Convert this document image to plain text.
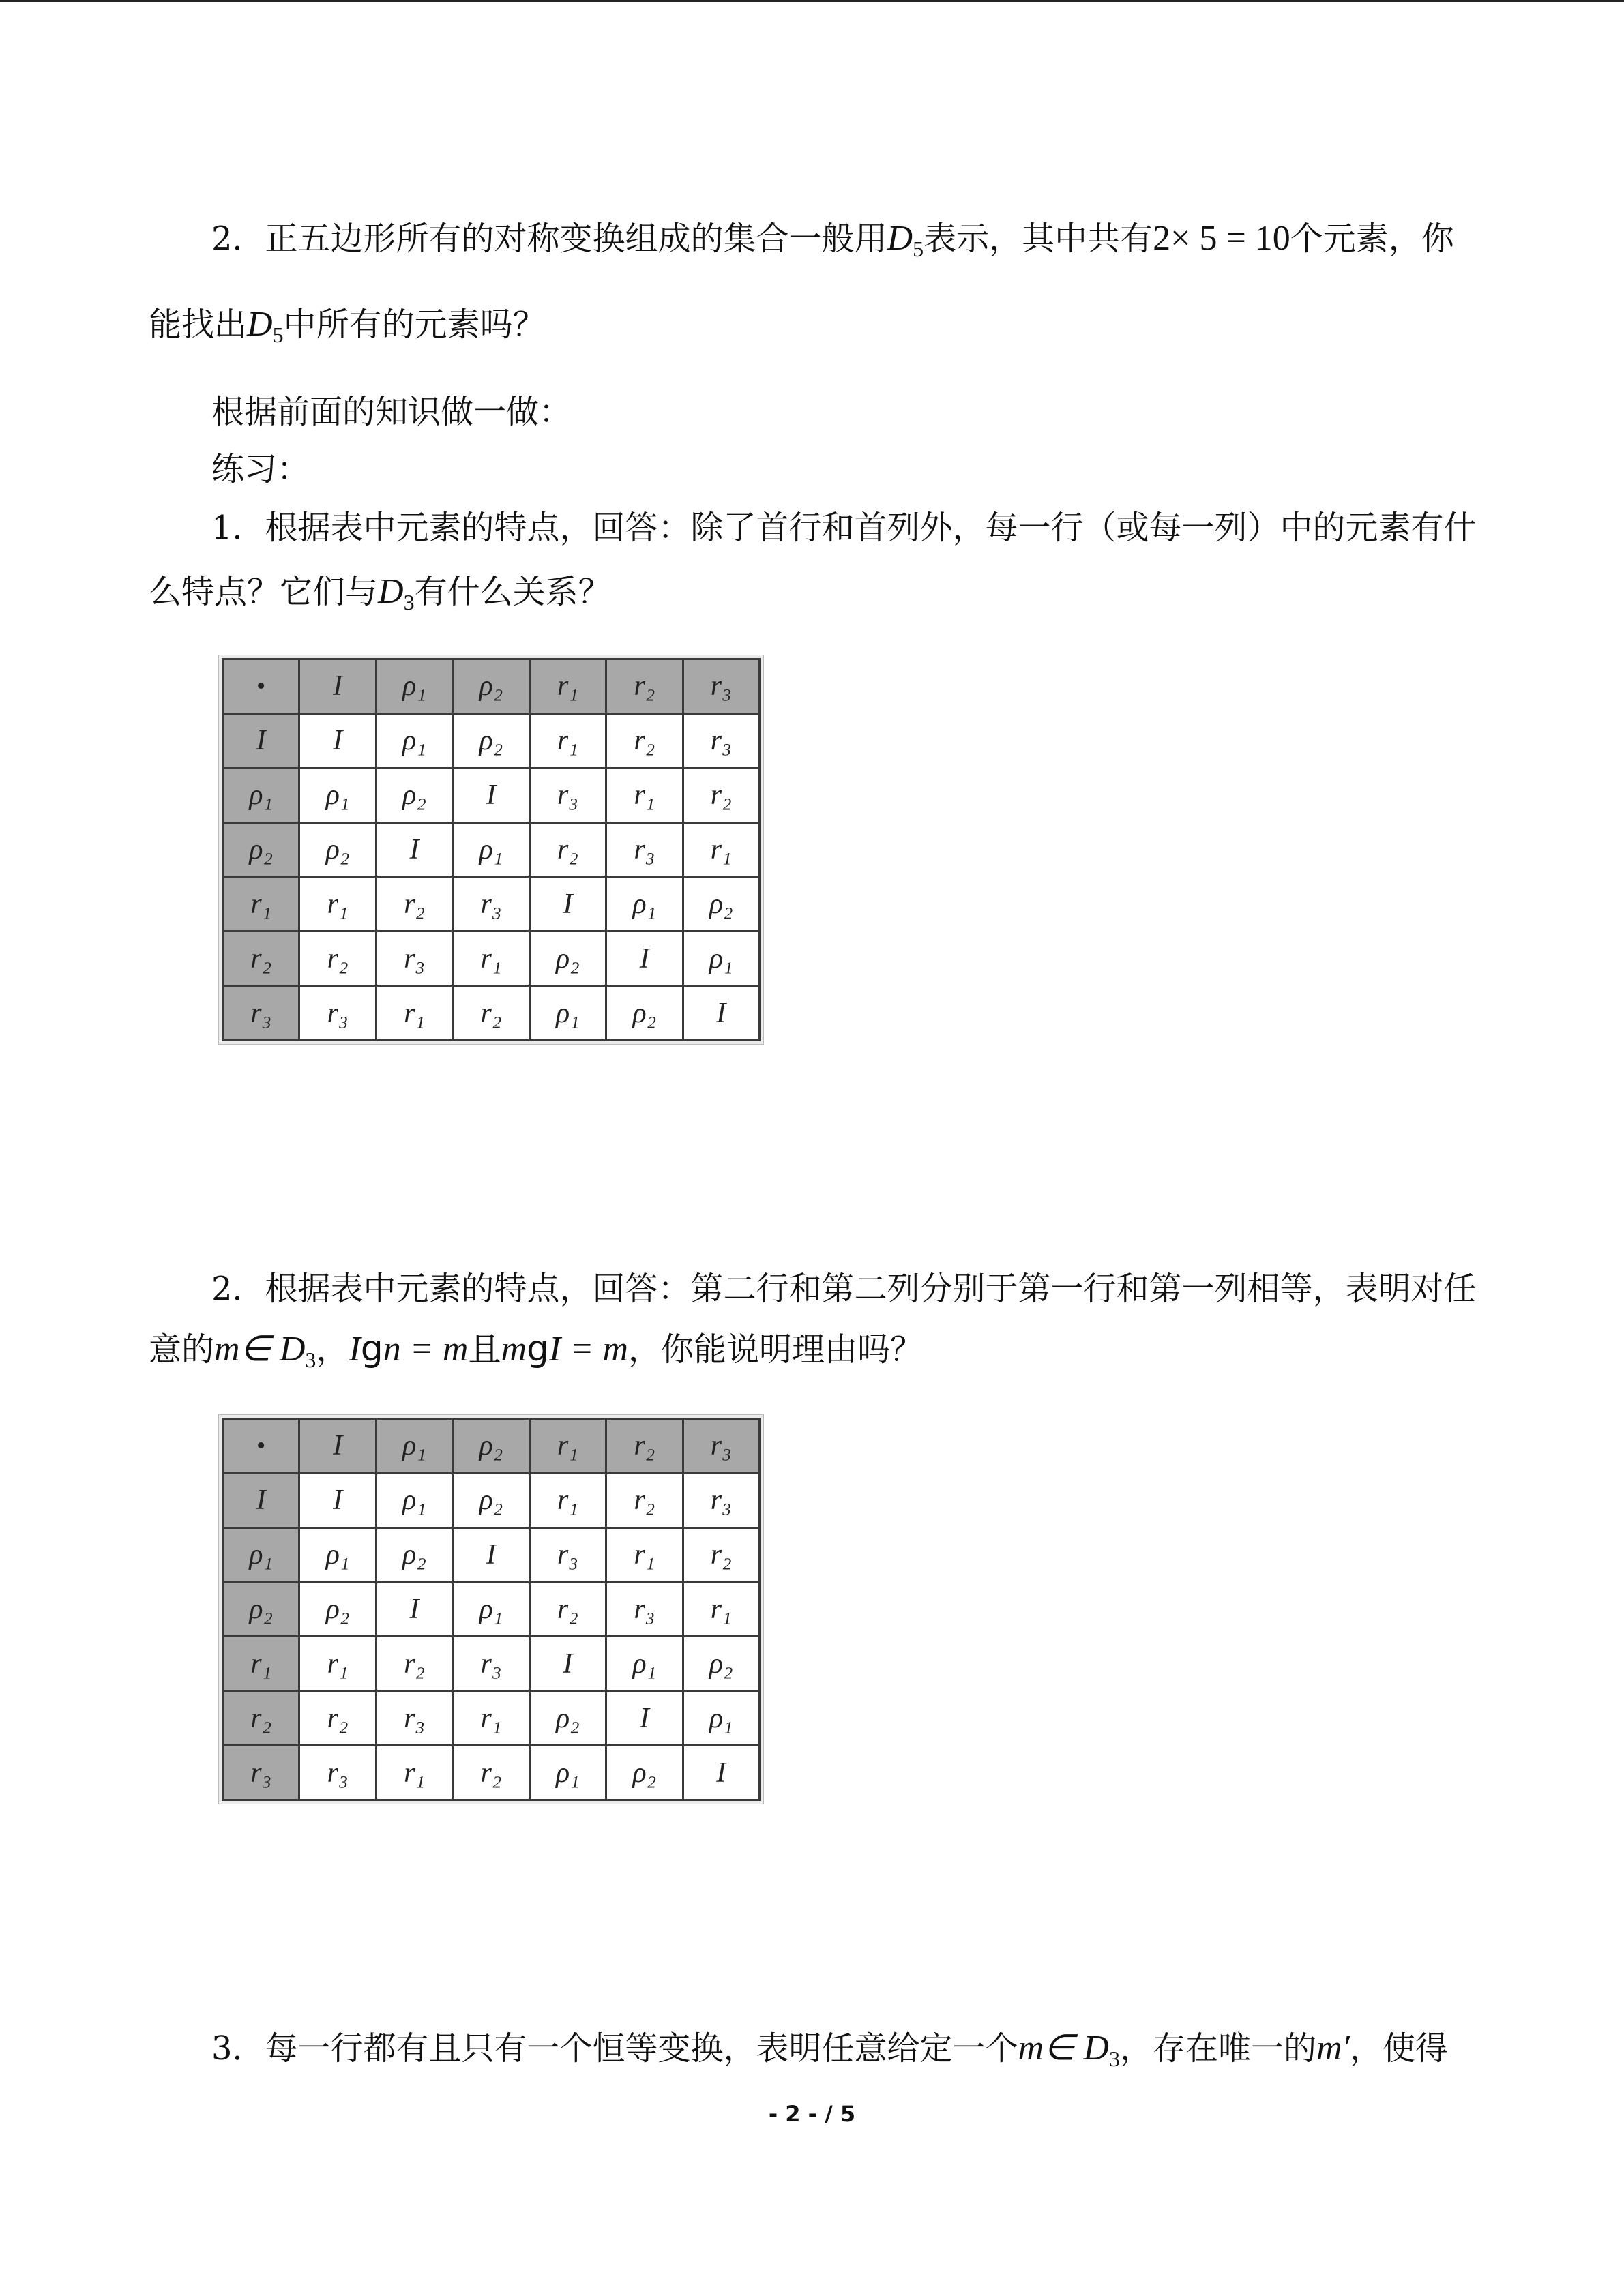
2．正五边形所有的对称变换组成的集合一般用$D_5$表示，其中共有2× 5 = 10个元素，你
能找出$D_5$中所有的元素吗？
根据前面的知识做一做：
练习：
1．根据表中元素的特点，回答：除了首行和首列外，每一行（或每一列）中的元素有什
么特点？它们与$D_3$有什么关系？
•	I	ρ₁	ρ₂	r₁	r₂	r₃
I	I	ρ₁	ρ₂	r₁	r₂	r₃
ρ₁	ρ₁	ρ₂	I	r₃	r₁	r₂
ρ₂	ρ₂	I	ρ₁	r₂	r₃	r₁
r₁	r₁	r₂	r₃	I	ρ₁	ρ₂
r₂	r₂	r₃	r₁	ρ₂	I	ρ₁
r₃	r₃	r₁	r₂	ρ₁	ρ₂	I
2．根据表中元素的特点，回答：第二行和第二列分别于第一行和第一列相等，表明对任
意的m∈ $D_3$，Ign = m且mgI = m，你能说明理由吗？
•	I	ρ₁	ρ₂	r₁	r₂	r₃
I	I	ρ₁	ρ₂	r₁	r₂	r₃
ρ₁	ρ₁	ρ₂	I	r₃	r₁	r₂
ρ₂	ρ₂	I	ρ₁	r₂	r₃	r₁
r₁	r₁	r₂	r₃	I	ρ₁	ρ₂
r₂	r₂	r₃	r₁	ρ₂	I	ρ₁
r₃	r₃	r₁	r₂	ρ₁	ρ₂	I
3．每一行都有且只有一个恒等变换，表明任意给定一个m∈ $D_3$，存在唯一的m′，使得
- 2 - / 5
